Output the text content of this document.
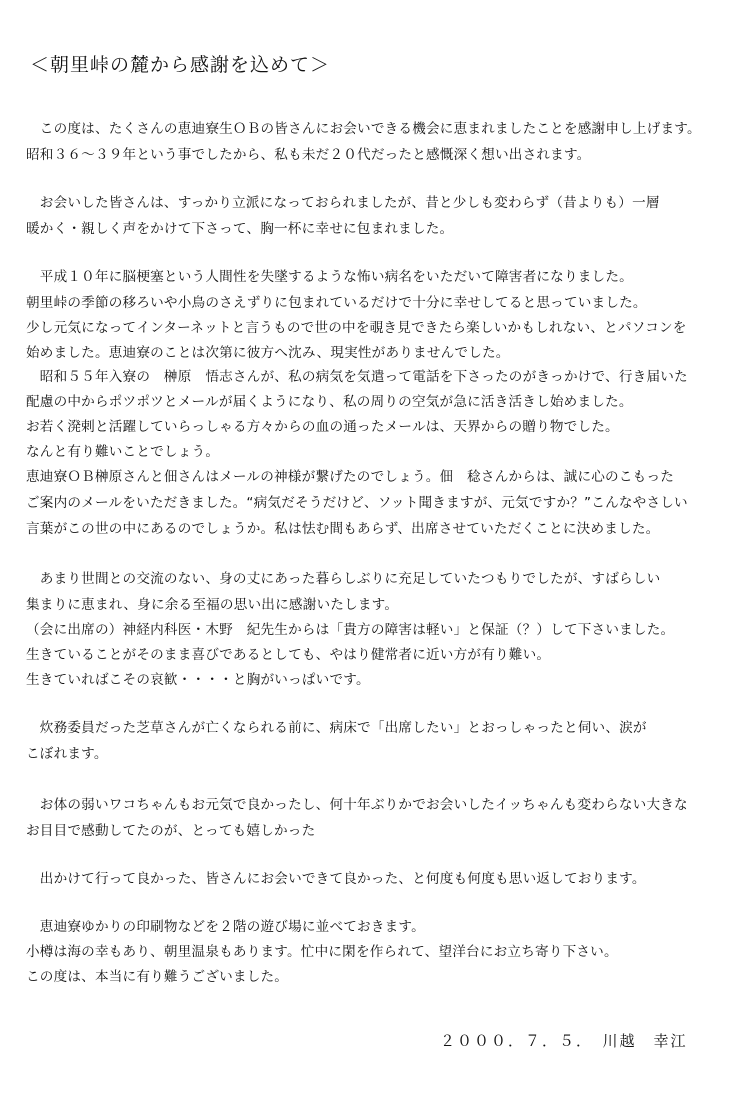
＜朝里峠の麓から感謝を込めて＞
　この度は、たくさんの恵迪寮生ＯＢの皆さんにお会いできる機会に恵まれましたことを感謝申し上げます。
昭和３６～３９年という事でしたから、私も未だ２０代だったと感慨深く想い出されます。
　お会いした皆さんは、すっかり立派になっておられましたが、昔と少しも変わらず（昔よりも）一層
暖かく・親しく声をかけて下さって、胸一杯に幸せに包まれました。
　平成１０年に脳梗塞という人間性を失墜するような怖い病名をいただいて障害者になりました。
朝里峠の季節の移ろいや小鳥のさえずりに包まれているだけで十分に幸せしてると思っていました。
少し元気になってインターネットと言うもので世の中を覗き見できたら楽しいかもしれない、とパソコンを
始めました。恵迪寮のことは次第に彼方へ沈み、現実性がありませんでした。
　昭和５５年入寮の　榊原　悟志さんが、私の病気を気遣って電話を下さったのがきっかけで、行き届いた
配慮の中からポツポツとメールが届くようになり、私の周りの空気が急に活き活きし始めました。
お若く溌剌と活躍していらっしゃる方々からの血の通ったメールは、天界からの贈り物でした。
なんと有り難いことでしょう。
恵迪寮ＯＢ榊原さんと佃さんはメールの神様が繋げたのでしょう。佃　稔さんからは、誠に心のこもった
ご案内のメールをいただきました。“病気だそうだけど、ソット聞きますが、元気ですか？”こんなやさしい
言葉がこの世の中にあるのでしょうか。私は怯む間もあらず、出席させていただくことに決めました。
　あまり世間との交流のない、身の丈にあった暮らしぶりに充足していたつもりでしたが、すばらしい
集まりに恵まれ、身に余る至福の思い出に感謝いたします。
（会に出席の）神経内科医・木野　紀先生からは「貴方の障害は軽い」と保証（？）して下さいました。
生きていることがそのまま喜びであるとしても、やはり健常者に近い方が有り難い。
生きていればこその哀歓・・・・と胸がいっぱいです。
　炊務委員だった芝草さんが亡くなられる前に、病床で「出席したい」とおっしゃったと伺い、涙が
こぼれます。
　お体の弱いワコちゃんもお元気で良かったし、何十年ぶりかでお会いしたイッちゃんも変わらない大きな
お目目で感動してたのが、とっても嬉しかった
　出かけて行って良かった、皆さんにお会いできて良かった、と何度も何度も思い返しております。
　恵迪寮ゆかりの印刷物などを２階の遊び場に並べておきます。
小樽は海の幸もあり、朝里温泉もあります。忙中に閑を作られて、望洋台にお立ち寄り下さい。
この度は、本当に有り難うございました。
２０００．７．５．　川越　幸江
